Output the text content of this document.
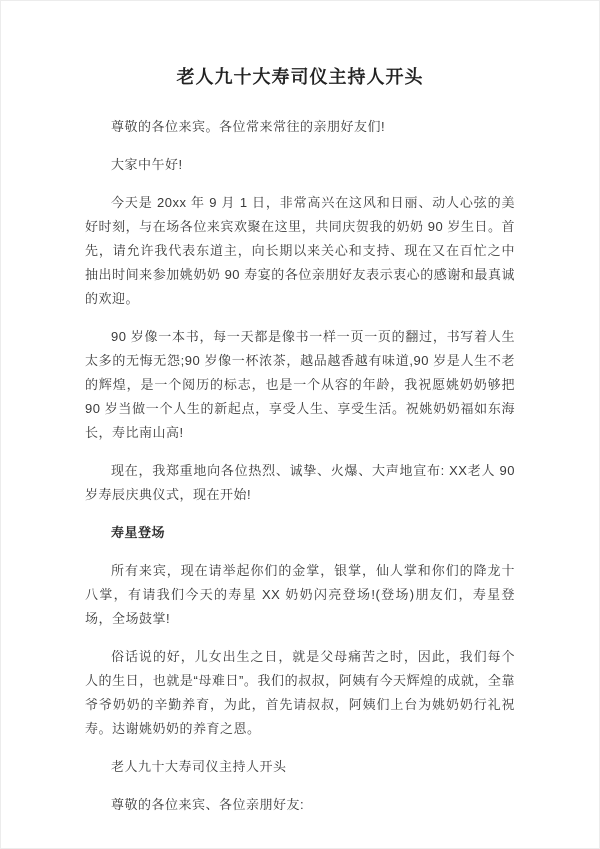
老人九十大寿司仪主持人开头

尊敬的各位来宾。各位常来常往的亲朋好友们!

大家中午好!

今天是 20xx 年 9 月 1 日，非常高兴在这风和日丽、动人心弦的美好时刻，与在场各位来宾欢聚在这里，共同庆贺我的奶奶 90 岁生日。首先，请允许我代表东道主，向长期以来关心和支持、现在又在百忙之中抽出时间来参加姚奶奶 90 寿宴的各位亲朋好友表示衷心的感谢和最真诚的欢迎。

90 岁像一本书，每一天都是像书一样一页一页的翻过，书写着人生太多的无悔无怨;90 岁像一杯浓茶，越品越香越有味道,90 岁是人生不老的辉煌，是一个阅历的标志，也是一个从容的年龄，我祝愿姚奶奶够把 90 岁当做一个人生的新起点，享受人生、享受生活。祝姚奶奶福如东海长，寿比南山高!

现在，我郑重地向各位热烈、诚挚、火爆、大声地宣布: XX老人 90 岁寿辰庆典仪式，现在开始!

寿星登场

所有来宾，现在请举起你们的金掌，银掌，仙人掌和你们的降龙十八掌，有请我们今天的寿星 XX 奶奶闪亮登场!(登场)朋友们，寿星登场，全场鼓掌!

俗话说的好，儿女出生之日，就是父母痛苦之时，因此，我们每个人的生日，也就是“母难日”。我们的叔叔，阿姨有今天辉煌的成就，全靠爷爷奶奶的辛勤养育，为此，首先请叔叔，阿姨们上台为姚奶奶行礼祝寿。达谢姚奶奶的养育之恩。

老人九十大寿司仪主持人开头

尊敬的各位来宾、各位亲朋好友:
